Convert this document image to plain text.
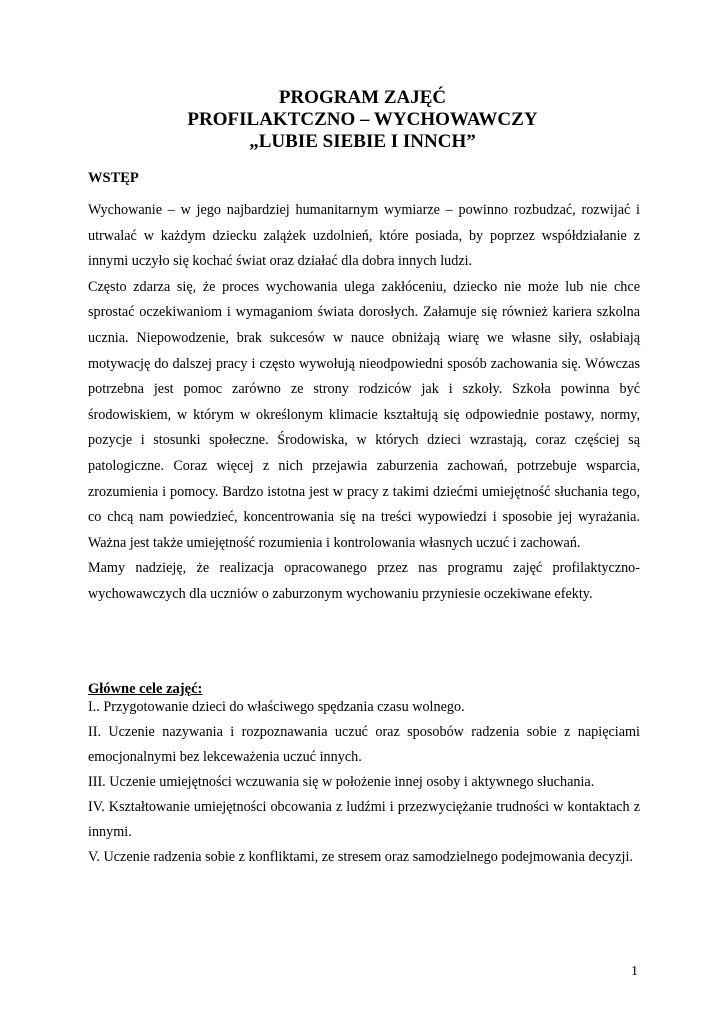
PROGRAM ZAJĘĆ
PROFILAKTCZNO – WYCHOWAWCZY
„LUBIE SIEBIE I INNCH”
WSTĘP

Wychowanie – w jego najbardziej humanitarnym wymiarze – powinno rozbudzać, rozwijać i utrwalać w każdym dziecku zalążek uzdolnień, które posiada, by poprzez współdziałanie z innymi uczyło się kochać świat oraz działać dla dobra innych ludzi.

Często zdarza się, że proces wychowania ulega zakłóceniu, dziecko nie może lub nie chce sprostać oczekiwaniom i wymaganiom świata dorosłych. Załamuje się również kariera szkolna ucznia. Niepowodzenie, brak sukcesów w nauce obniżają wiarę we własne siły, osłabiają motywację do dalszej pracy i często wywołują nieodpowiedni sposób zachowania się. Wówczas potrzebna jest pomoc zarówno ze strony rodziców jak i szkoły. Szkoła powinna być środowiskiem, w którym w określonym klimacie kształtują się odpowiednie postawy, normy, pozycje i stosunki społeczne. Środowiska, w których dzieci wzrastają, coraz częściej są patologiczne. Coraz więcej z nich przejawia zaburzenia zachowań, potrzebuje wsparcia, zrozumienia i pomocy. Bardzo istotna jest w pracy z takimi dziećmi umiejętność słuchania tego, co chcą nam powiedzieć, koncentrowania się na treści wypowiedzi i sposobie jej wyrażania. Ważna jest także umiejętność rozumienia i kontrolowania własnych uczuć i zachowań.

Mamy nadzieję, że realizacja opracowanego przez nas programu zajęć profilaktyczno-wychowawczych dla uczniów o zaburzonym wychowaniu przyniesie oczekiwane efekty.

Główne cele zajęć:

I.. Przygotowanie dzieci do właściwego spędzania czasu wolnego.

II. Uczenie nazywania i rozpoznawania uczuć oraz sposobów radzenia sobie z napięciami emocjonalnymi bez lekceważenia uczuć innych.

III. Uczenie umiejętności wczuwania się w położenie innej osoby i aktywnego słuchania.

IV. Kształtowanie umiejętności obcowania z ludźmi i przezwyciężanie trudności w kontaktach z innymi.

V. Uczenie radzenia sobie z konfliktami, ze stresem oraz samodzielnego podejmowania decyzji.

1
